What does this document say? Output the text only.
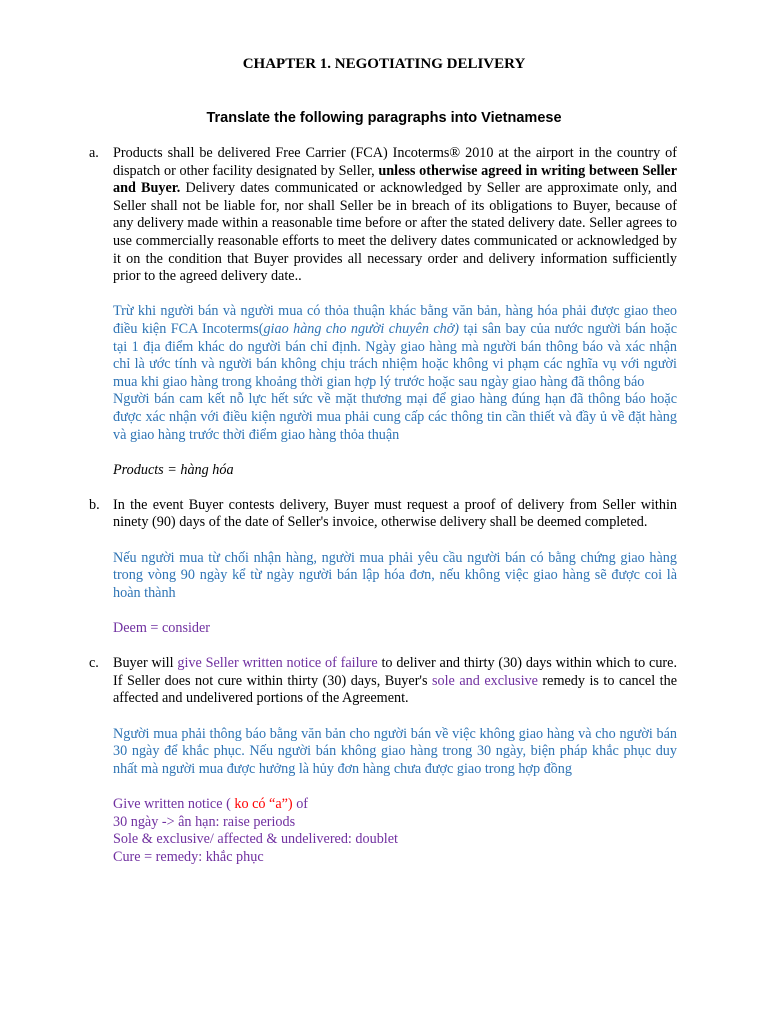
CHAPTER 1. NEGOTIATING DELIVERY
Translate the following paragraphs into Vietnamese
a. Products shall be delivered Free Carrier (FCA) Incoterms® 2010 at the airport in the country of dispatch or other facility designated by Seller, unless otherwise agreed in writing between Seller and Buyer. Delivery dates communicated or acknowledged by Seller are approximate only, and Seller shall not be liable for, nor shall Seller be in breach of its obligations to Buyer, because of any delivery made within a reasonable time before or after the stated delivery date. Seller agrees to use commercially reasonable efforts to meet the delivery dates communicated or acknowledged by it on the condition that Buyer provides all necessary order and delivery information sufficiently prior to the agreed delivery date..

Trừ khi người bán và người mua có thỏa thuận khác bằng văn bản, hàng hóa phải được giao theo điều kiện FCA Incoterms(giao hàng cho người chuyên chở) tại sân bay của nước người bán hoặc tại 1 địa điểm khác do người bán chỉ định. Ngày giao hàng mà người bán thông báo và xác nhận chỉ là ước tính và người bán không chịu trách nhiệm hoặc không vi phạm các nghĩa vụ với người mua khi giao hàng trong khoảng thời gian hợp lý trước hoặc sau ngày giao hàng đã thông báo

Người bán cam kết nỗ lực hết sức về mặt thương mại để giao hàng đúng hạn đã thông báo hoặc được xác nhận với điều kiện người mua phải cung cấp các thông tin cần thiết và đầy ủ về đặt hàng và giao hàng trước thời điểm giao hàng thỏa thuận

Products = hàng hóa

b. In the event Buyer contests delivery, Buyer must request a proof of delivery from Seller within ninety (90) days of the date of Seller's invoice, otherwise delivery shall be deemed completed.

Nếu người mua từ chối nhận hàng, người mua phải yêu cầu người bán có bằng chứng giao hàng trong vòng 90 ngày kể từ ngày người bán lập hóa đơn, nếu không việc giao hàng sẽ được coi là hoàn thành

Deem = consider

c. Buyer will give Seller written notice of failure to deliver and thirty (30) days within which to cure. If Seller does not cure within thirty (30) days, Buyer's sole and exclusive remedy is to cancel the affected and undelivered portions of the Agreement.

Người mua phải thông báo bằng văn bản cho người bán về việc không giao hàng và cho người bán 30 ngày để khắc phục. Nếu người bán không giao hàng trong 30 ngày, biện pháp khắc phục duy nhất mà người mua được hưởng là hủy đơn hàng chưa được giao trong hợp đồng

Give written notice ( ko có “a”) of

30 ngày -> ân hạn: raise periods

Sole & exclusive/ affected & undelivered: doublet

Cure = remedy: khắc phục
